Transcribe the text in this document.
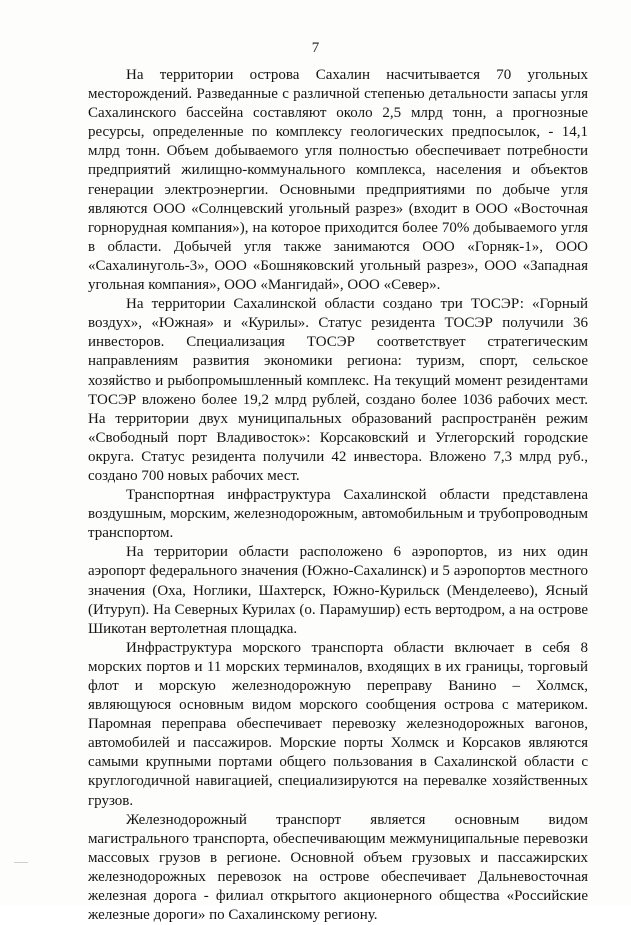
7

На территории острова Сахалин насчитывается 70 угольных месторождений. Разведанные с различной степенью детальности запасы угля Сахалинского бассейна составляют около 2,5 млрд тонн, а прогнозные ресурсы, определенные по комплексу геологических предпосылок, - 14,1 млрд тонн. Объем добываемого угля полностью обеспечивает потребности предприятий жилищно-коммунального комплекса, населения и объектов генерации электроэнергии. Основными предприятиями по добыче угля являются ООО «Солнцевский угольный разрез» (входит в ООО «Восточная горнорудная компания»), на которое приходится более 70% добываемого угля в области. Добычей угля также занимаются ООО «Горняк-1», ООО «Сахалинуголь-3», ООО «Бошняковский угольный разрез», ООО «Западная угольная компания», ООО «Мангидай», ООО «Север».

На территории Сахалинской области создано три ТОСЭР: «Горный воздух», «Южная» и «Курилы». Статус резидента ТОСЭР получили 36 инвесторов. Специализация ТОСЭР соответствует стратегическим направлениям развития экономики региона: туризм, спорт, сельское хозяйство и рыбопромышленный комплекс. На текущий момент резидентами ТОСЭР вложено более 19,2 млрд рублей, создано более 1036 рабочих мест. На территории двух муниципальных образований распространён режим «Свободный порт Владивосток»: Корсаковский и Углегорский городские округа. Статус резидента получили 42 инвестора. Вложено 7,3 млрд руб., создано 700 новых рабочих мест.

Транспортная инфраструктура Сахалинской области представлена воздушным, морским, железнодорожным, автомобильным и трубопроводным транспортом.

На территории области расположено 6 аэропортов, из них один аэропорт федерального значения (Южно-Сахалинск) и 5 аэропортов местного значения (Оха, Ноглики, Шахтерск, Южно-Курильск (Менделеево), Ясный (Итуруп). На Северных Курилах (о. Парамушир) есть вертодром, а на острове Шикотан вертолетная площадка.

Инфраструктура морского транспорта области включает в себя 8 морских портов и 11 морских терминалов, входящих в их границы, торговый флот и морскую железнодорожную переправу Ванино – Холмск, являющуюся основным видом морского сообщения острова с материком. Паромная переправа обеспечивает перевозку железнодорожных вагонов, автомобилей и пассажиров. Морские порты Холмск и Корсаков являются самыми крупными портами общего пользования в Сахалинской области с круглогодичной навигацией, специализируются на перевалке хозяйственных грузов.

Железнодорожный транспорт является основным видом магистрального транспорта, обеспечивающим межмуниципальные перевозки массовых грузов в регионе. Основной объем грузовых и пассажирских железнодорожных перевозок на острове обеспечивает Дальневосточная железная дорога - филиал открытого акционерного общества «Российские железные дороги» по Сахалинскому региону.
